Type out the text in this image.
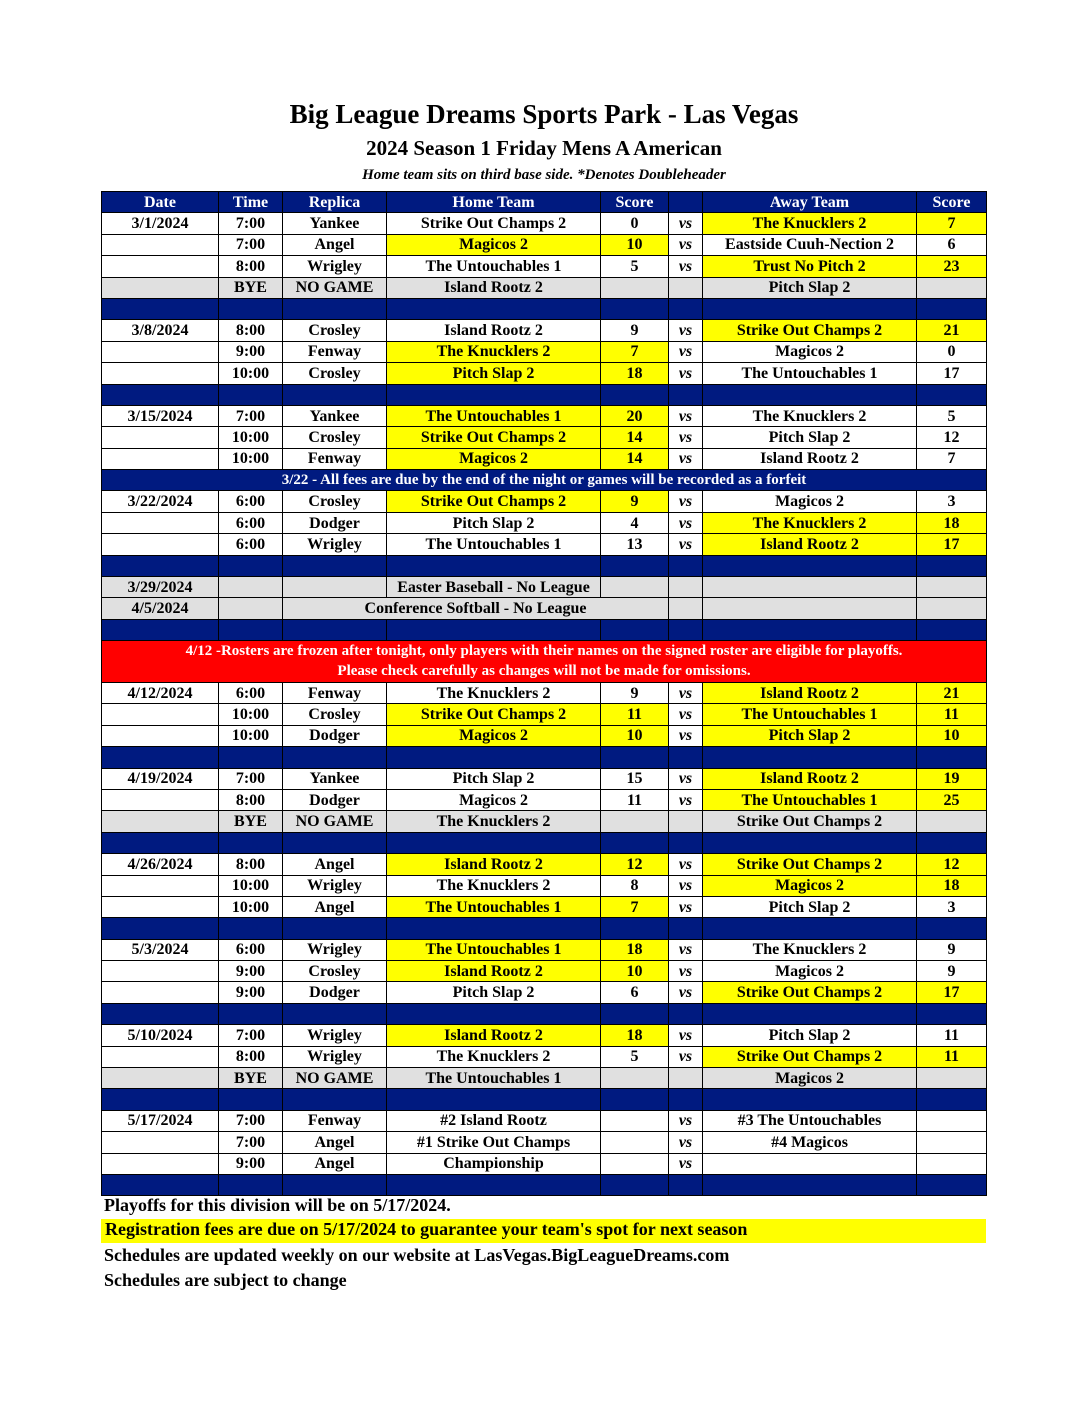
Big League Dreams Sports Park - Las Vegas
2024 Season 1 Friday Mens A American
Home team sits on third base side. *Denotes Doubleheader
Date	Time	Replica	Home Team	Score		Away Team	Score
3/1/2024	7:00	Yankee	Strike Out Champs 2	0	vs	The Knucklers 2	7
	7:00	Angel	Magicos 2	10	vs	Eastside Cuuh-Nection 2	6
	8:00	Wrigley	The Untouchables 1	5	vs	Trust No Pitch 2	23
	BYE	NO GAME	Island Rootz 2			Pitch Slap 2	

3/8/2024	8:00	Crosley	Island Rootz 2	9	vs	Strike Out Champs 2	21
	9:00	Fenway	The Knucklers 2	7	vs	Magicos 2	0
	10:00	Crosley	Pitch Slap 2	18	vs	The Untouchables 1	17

3/15/2024	7:00	Yankee	The Untouchables 1	20	vs	The Knucklers 2	5
	10:00	Crosley	Strike Out Champs 2	14	vs	Pitch Slap 2	12
	10:00	Fenway	Magicos 2	14	vs	Island Rootz 2	7
3/22 - All fees are due by the end of the night or games will be recorded as a forfeit							
3/22/2024	6:00	Crosley	Strike Out Champs 2	9	vs	Magicos 2	3
	6:00	Dodger	Pitch Slap 2	4	vs	The Knucklers 2	18
	6:00	Wrigley	The Untouchables 1	13	vs	Island Rootz 2	17

3/29/2024			Easter Baseball - No League				
4/5/2024		Conference Softball - No League					

4/12 -Rosters are frozen after tonight, only players with their names on the signed roster are eligible for playoffs.							
Please check carefully as changes will not be made for omissions.							
4/12/2024	6:00	Fenway	The Knucklers 2	9	vs	Island Rootz 2	21
	10:00	Crosley	Strike Out Champs 2	11	vs	The Untouchables 1	11
	10:00	Dodger	Magicos 2	10	vs	Pitch Slap 2	10

4/19/2024	7:00	Yankee	Pitch Slap 2	15	vs	Island Rootz 2	19
	8:00	Dodger	Magicos 2	11	vs	The Untouchables 1	25
	BYE	NO GAME	The Knucklers 2			Strike Out Champs 2	

4/26/2024	8:00	Angel	Island Rootz 2	12	vs	Strike Out Champs 2	12
	10:00	Wrigley	The Knucklers 2	8	vs	Magicos 2	18
	10:00	Angel	The Untouchables 1	7	vs	Pitch Slap 2	3

5/3/2024	6:00	Wrigley	The Untouchables 1	18	vs	The Knucklers 2	9
	9:00	Crosley	Island Rootz 2	10	vs	Magicos 2	9
	9:00	Dodger	Pitch Slap 2	6	vs	Strike Out Champs 2	17

5/10/2024	7:00	Wrigley	Island Rootz 2	18	vs	Pitch Slap 2	11
	8:00	Wrigley	The Knucklers 2	5	vs	Strike Out Champs 2	11
	BYE	NO GAME	The Untouchables 1			Magicos 2	

5/17/2024	7:00	Fenway	#2 Island Rootz		vs	#3 The Untouchables	
	7:00	Angel	#1 Strike Out Champs		vs	#4 Magicos	
	9:00	Angel	Championship		vs		

Playoffs for this division will be on 5/17/2024.
Registration fees are due on 5/17/2024 to guarantee your team's spot for next season
Schedules are updated weekly on our website at LasVegas.BigLeagueDreams.com
Schedules are subject to change
